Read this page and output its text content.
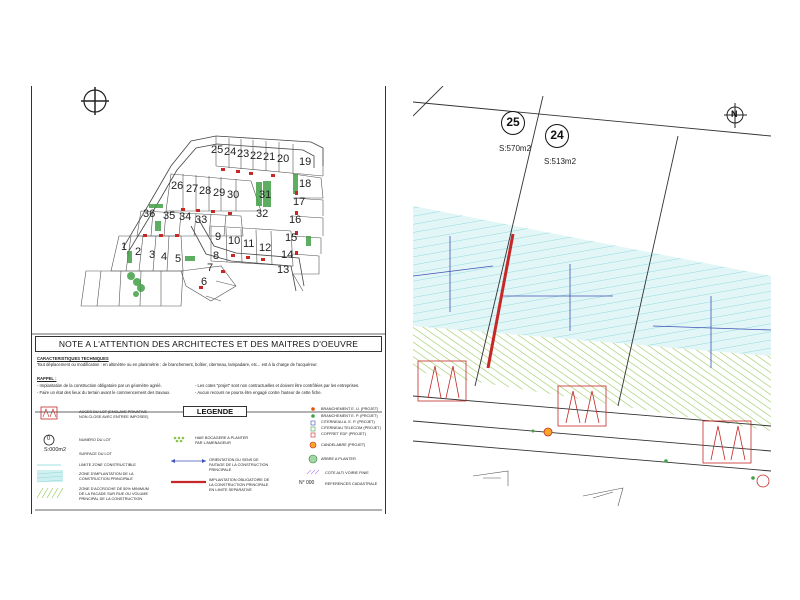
25 24 23 22 21 20 19
26 27 28 29 30 31
36 35 34 33	32
18
17
16
15
14
13
1 2 3 4 5
9 10 11 12
8
7
6
NOTE A L'ATTENTION DES ARCHITECTES ET DES MAITRES D'OEUVRE
CARACTERISTIQUES TECHNIQUES
Tout déplacement ou modification : en altimétrie ou en planimétrie : de branchement, boîtier, citerneau, lampadaire, etc... est à la charge de l'acquéreur.
RAPPEL :
- Implantation de la construction obligatoire par un géomètre agréé.
- Faire un état des lieux du terrain avant le commencement des travaux.
- Les cotes "projet" sont non contractuelles et doivent être contrôlées par les entreprises.
- Aucun recours ne pourra être engagé contre l'auteur de cette fiche.
LEGENDE
ACCES DU LOT (ENCLAVE PRIVATIVE NON CLOSE AVEC ENTREE IMPOSEE)
NUMERO DU LOT
SURFACE DU LOT
LIMITE ZONE CONSTRUCTIBLE
ZONE D'IMPLANTATION DE LA CONSTRUCTION PRINCIPALE
ZONE D'ACCROCHE DE 50% MINIMUM DE LA FACADE SUR RUE OU VOLUME PRINCIPAL DE LA CONSTRUCTION
S:000m2
0	HAIE BOCAGERE A PLANTER PAR L'AMENAGEUR
ORIENTATION DU SENS DE FAITAGE DE LA CONSTRUCTION PRINCIPALE
IMPLANTATION OBLIGATOIRE DE LA CONSTRUCTION PRINCIPALE EN LIMITE SEPARATIVE
BRANCHEMENT E. U. (PROJET)
BRANCHEMENT E. P. (PROJET)
CITERNEAU A. E. P. (PROJET)
CITERNEAU TELECOM (PROJET)
COFFRET EDF (PROJET)
CANDELABRE (PROJET)
ARBRE A PLANTER
COTE ALTI VOIRIE FINIE
REFERENCES CADASTRALE
N° 000
N
25
S:570m2
24
S:513m2
